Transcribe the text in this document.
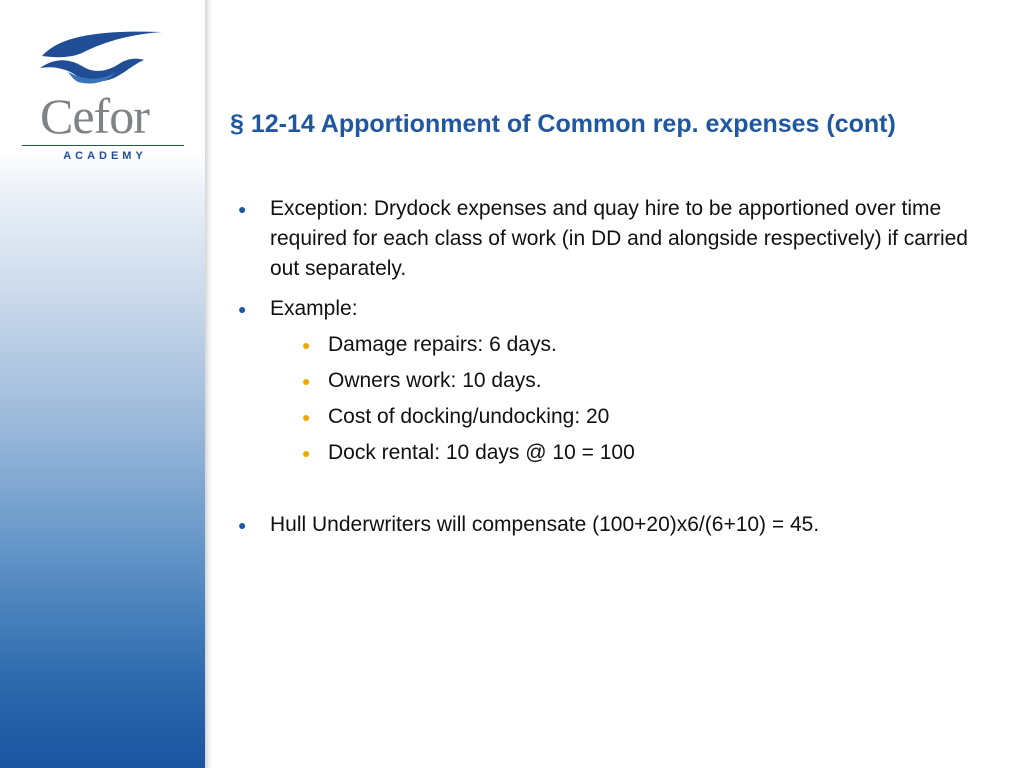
Cefor
ACADEMY
§ 12-14 Apportionment of Common rep. expenses (cont)
● Exception: Drydock expenses and quay hire to be apportioned over time required for each class of work (in DD and alongside respectively) if carried out separately.
● Example:
● Damage repairs: 6 days.
● Owners work: 10 days.
● Cost of docking/undocking: 20
● Dock rental: 10 days @ 10 = 100
● Hull Underwriters will compensate (100+20)x6/(6+10) = 45.
